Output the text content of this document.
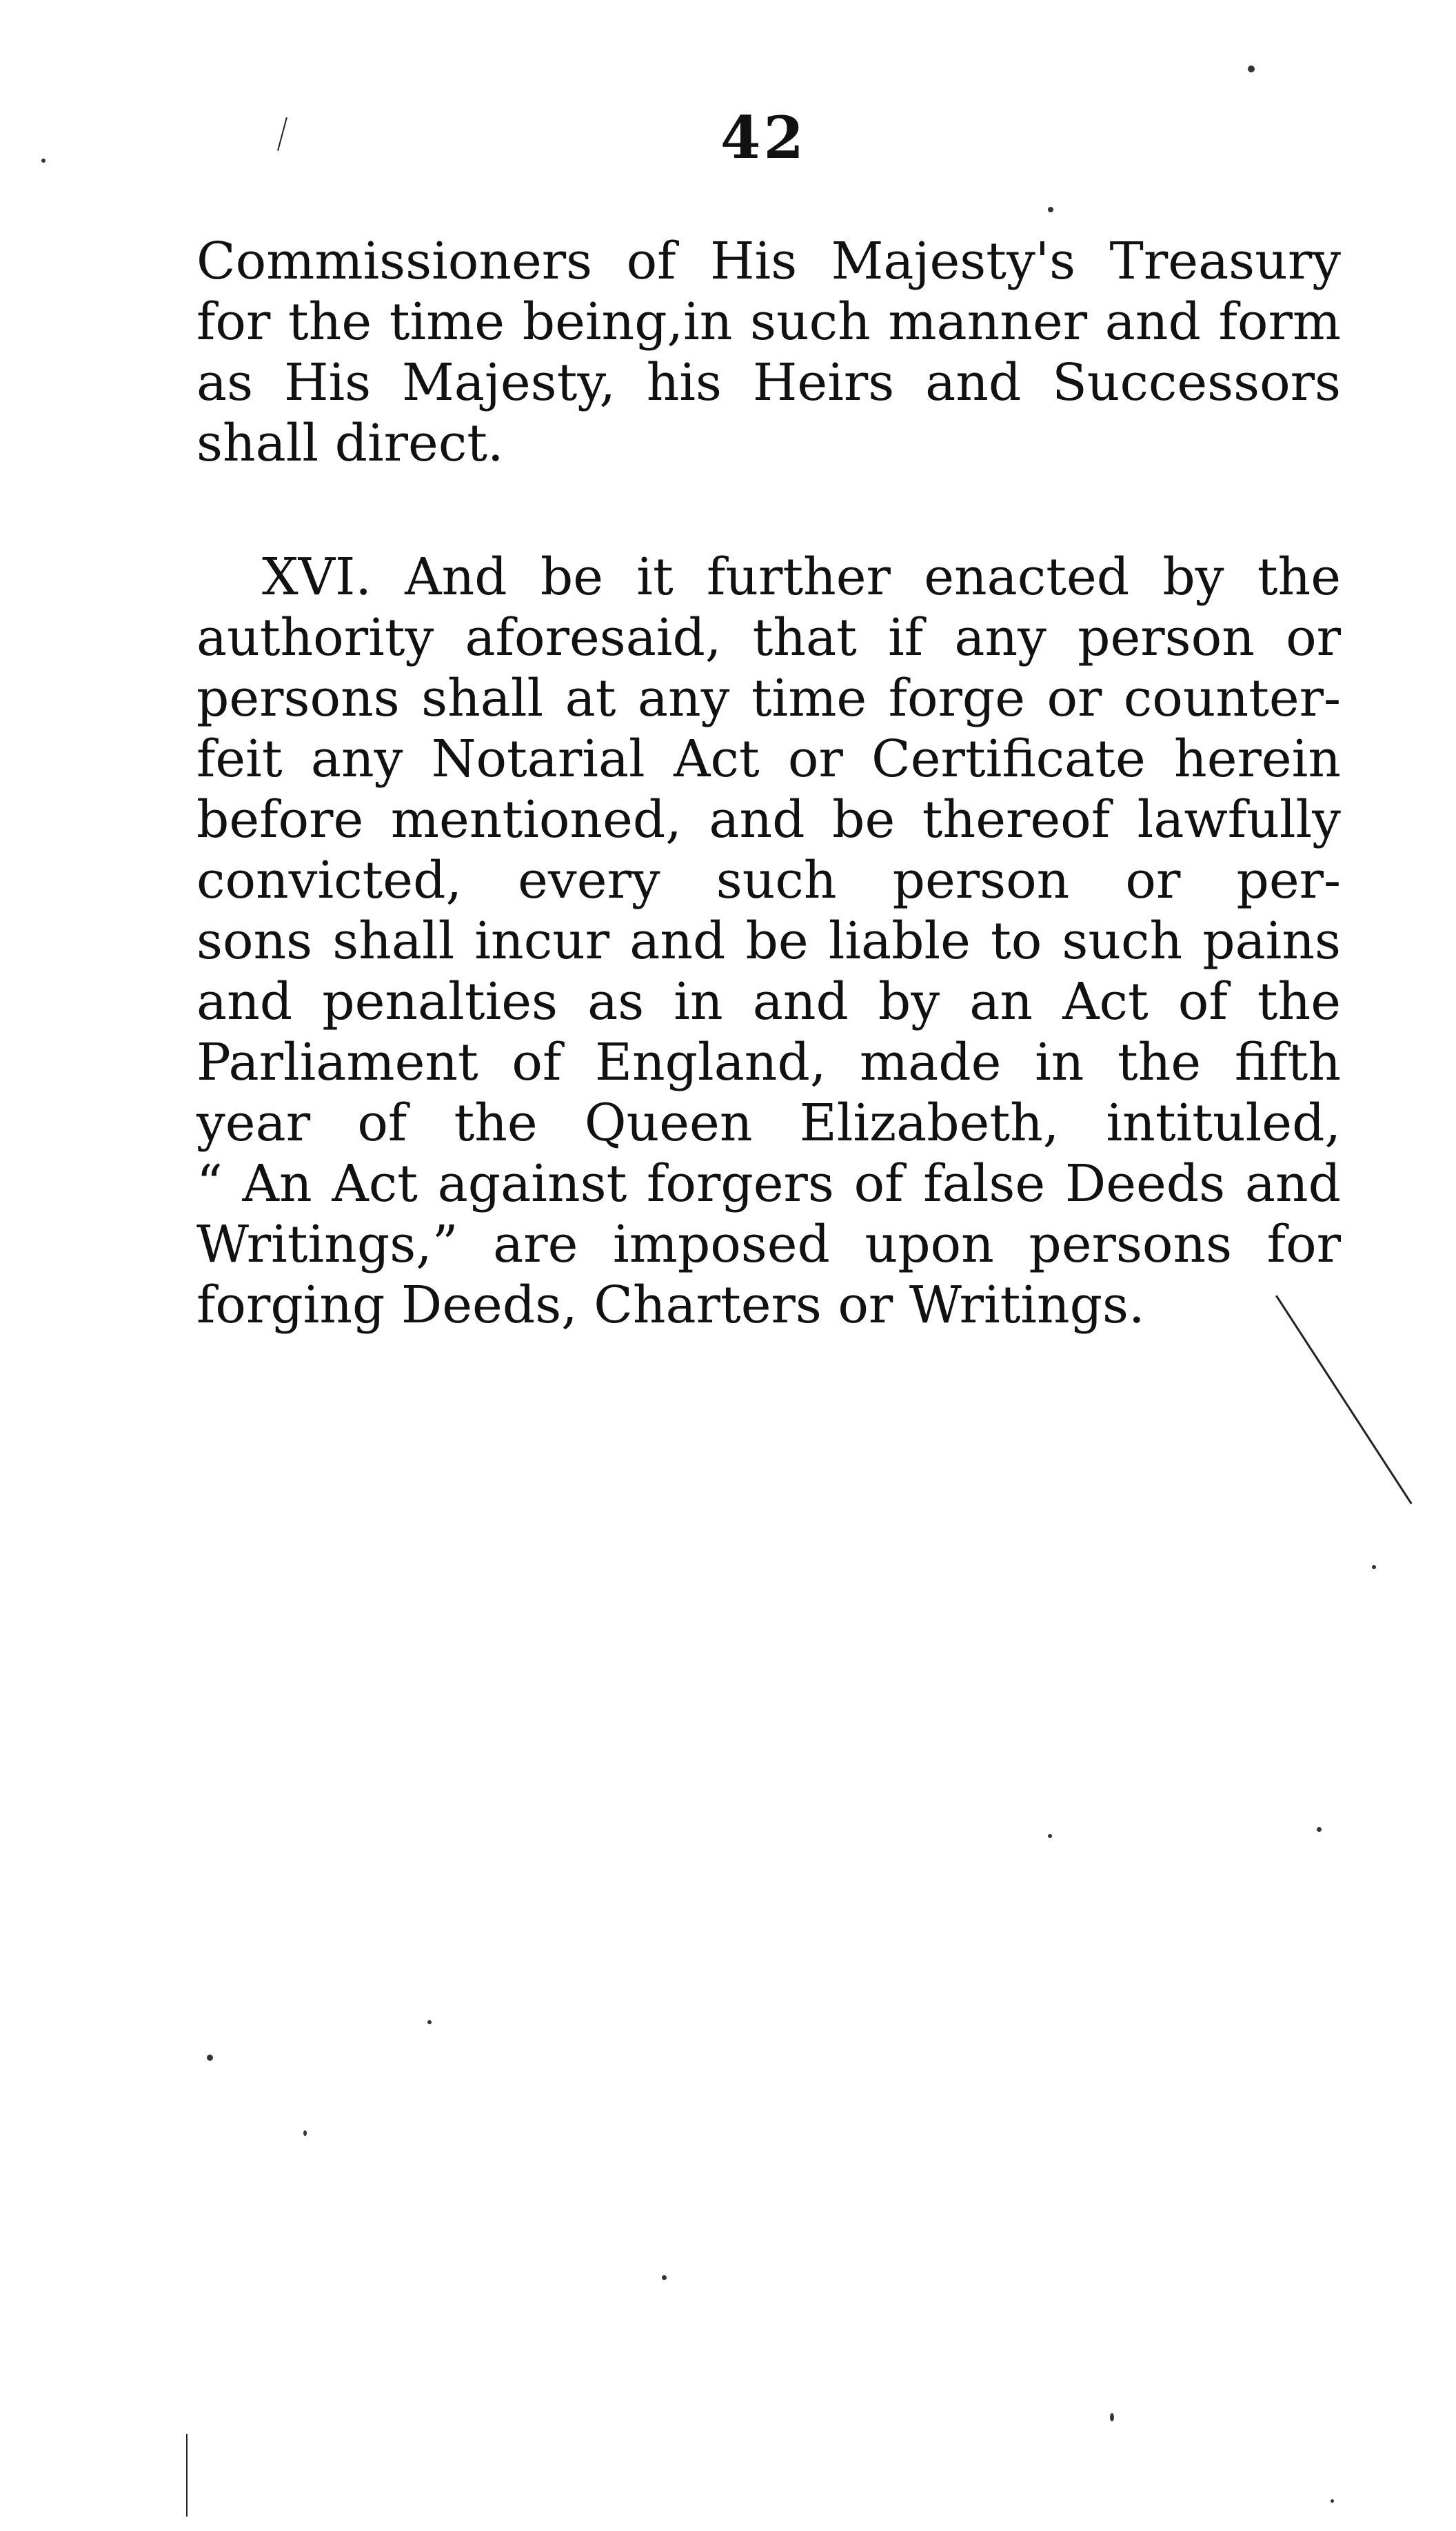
42
Commissioners of His Majesty's Treasury
for the time being,in such manner and form
as His Majesty, his Heirs and Successors
shall direct.
XVI. And be it further enacted by the
authority aforesaid, that if any person or
persons shall at any time forge or counter-
feit any Notarial Act or Certificate herein
before mentioned, and be thereof lawfully
convicted, every such person or per-
sons shall incur and be liable to such pains
and penalties as in and by an Act of the
Parliament of England, made in the fifth
year of the Queen Elizabeth, intituled,
“ An Act against forgers of false Deeds and
Writings,” are imposed upon persons for
forging Deeds, Charters or Writings.
